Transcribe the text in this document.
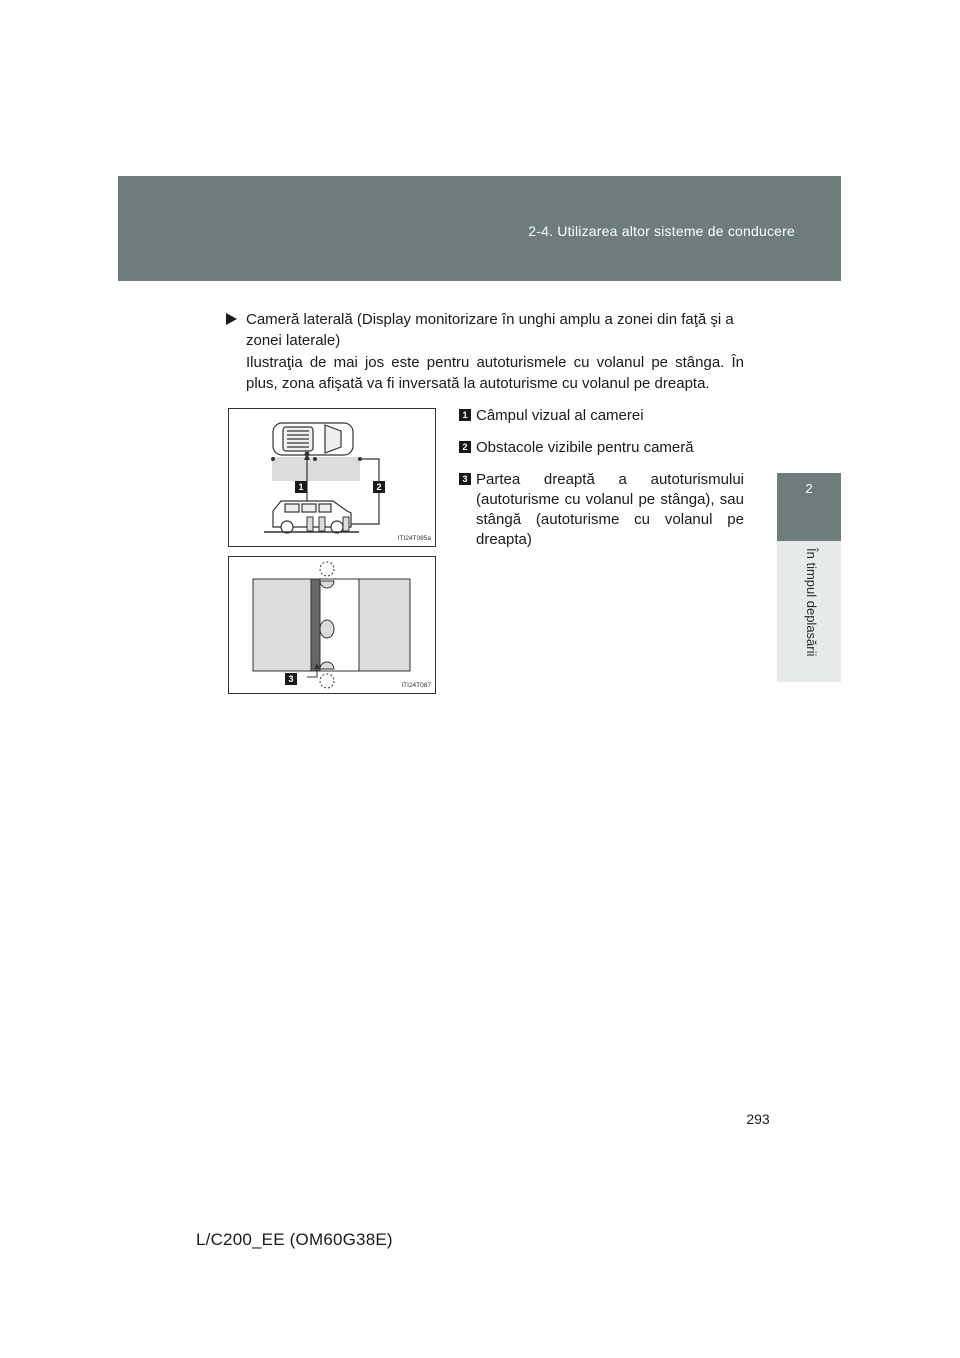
2-4. Utilizarea altor sisteme de conducere
2
În timpul deplasării
Cameră laterală (Display monitorizare în unghi amplu a zonei din faţă şi a zonei laterale)
Ilustraţia de mai jos este pentru autoturismele cu volanul pe stânga. În plus, zona afişată va fi inversată la autoturisme cu volanul pe dreapta.
1	2
ITI24T085a
3
ITI24T087
1 Câmpul vizual al camerei
2 Obstacole vizibile pentru cameră
3 Partea dreaptă a autoturismului (autoturisme cu volanul pe stânga), sau stângă (autoturisme cu volanul pe dreapta)
293
L/C200_EE (OM60G38E)
